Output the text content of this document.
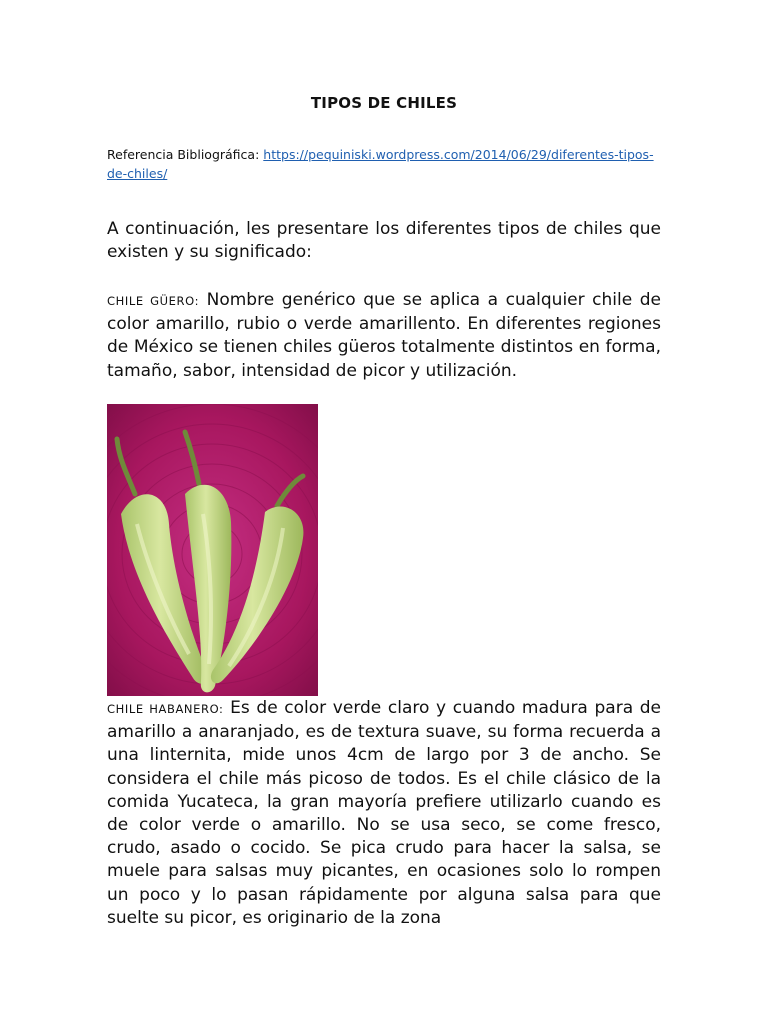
TIPOS DE CHILES
Referencia Bibliográfica: https://pequiniski.wordpress.com/2014/06/29/diferentes-tipos-de-chiles/

A continuación, les presentare los diferentes tipos de chiles que existen y su significado:

CHILE GÜERO: Nombre genérico que se aplica a cualquier chile de color amarillo, rubio o verde amarillento. En diferentes regiones de México se tienen chiles güeros totalmente distintos en forma, tamaño, sabor, intensidad de picor y utilización.

CHILE HABANERO: Es de color verde claro y cuando madura para de amarillo a anaranjado, es de textura suave, su forma recuerda a una linternita, mide unos 4cm de largo por 3 de ancho. Se considera el chile más picoso de todos. Es el chile clásico de la comida Yucateca, la gran mayoría prefiere utilizarlo cuando es de color verde o amarillo. No se usa seco, se come fresco, crudo, asado o cocido. Se pica crudo para hacer la salsa, se muele para salsas muy picantes, en ocasiones solo lo rompen un poco y lo pasan rápidamente por alguna salsa para que suelte su picor, es originario de la zona
